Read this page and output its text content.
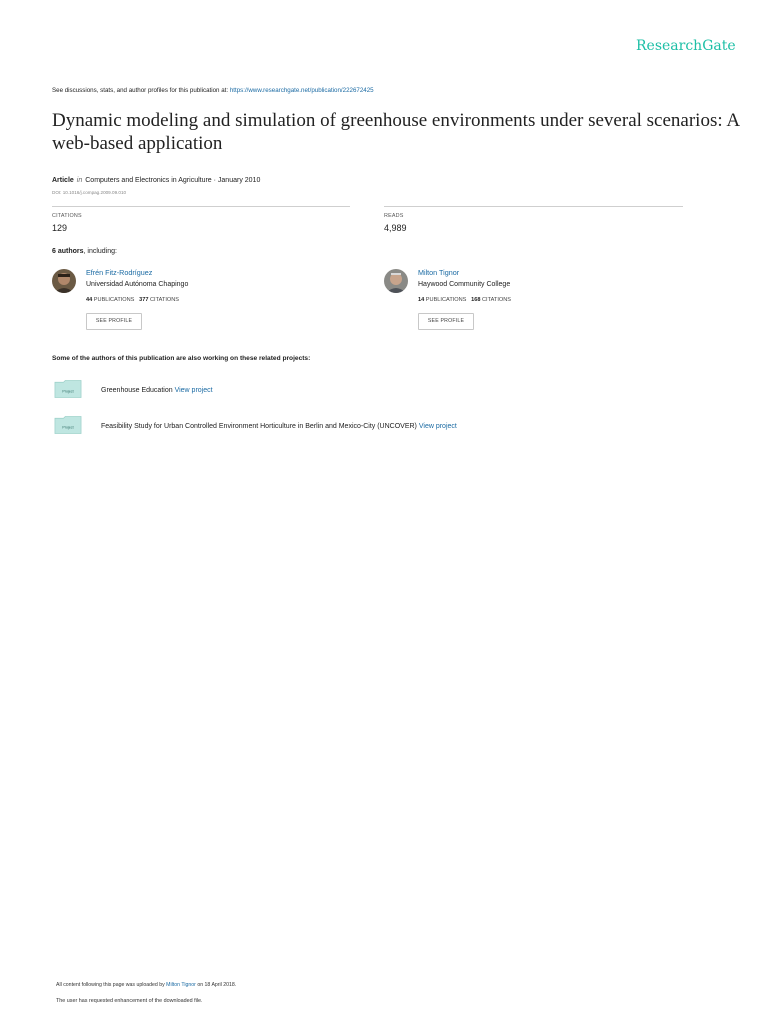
ResearchGate
See discussions, stats, and author profiles for this publication at: https://www.researchgate.net/publication/222672425
Dynamic modeling and simulation of greenhouse environments under several scenarios: A web-based application
Article in Computers and Electronics in Agriculture · January 2010
DOI: 10.1016/j.compag.2009.09.010
CITATIONS
129
READS
4,989
6 authors, including:
Efrén Fitz-Rodríguez
Universidad Autónoma Chapingo
44 PUBLICATIONS 377 CITATIONS
SEE PROFILE
Milton Tignor
Haywood Community College
14 PUBLICATIONS 168 CITATIONS
SEE PROFILE
Some of the authors of this publication are also working on these related projects:
Project	Greenhouse Education View project
Project	Feasibility Study for Urban Controlled Environment Horticulture in Berlin and Mexico-City (UNCOVER) View project
All content following this page was uploaded by Milton Tignor on 18 April 2018.
The user has requested enhancement of the downloaded file.
